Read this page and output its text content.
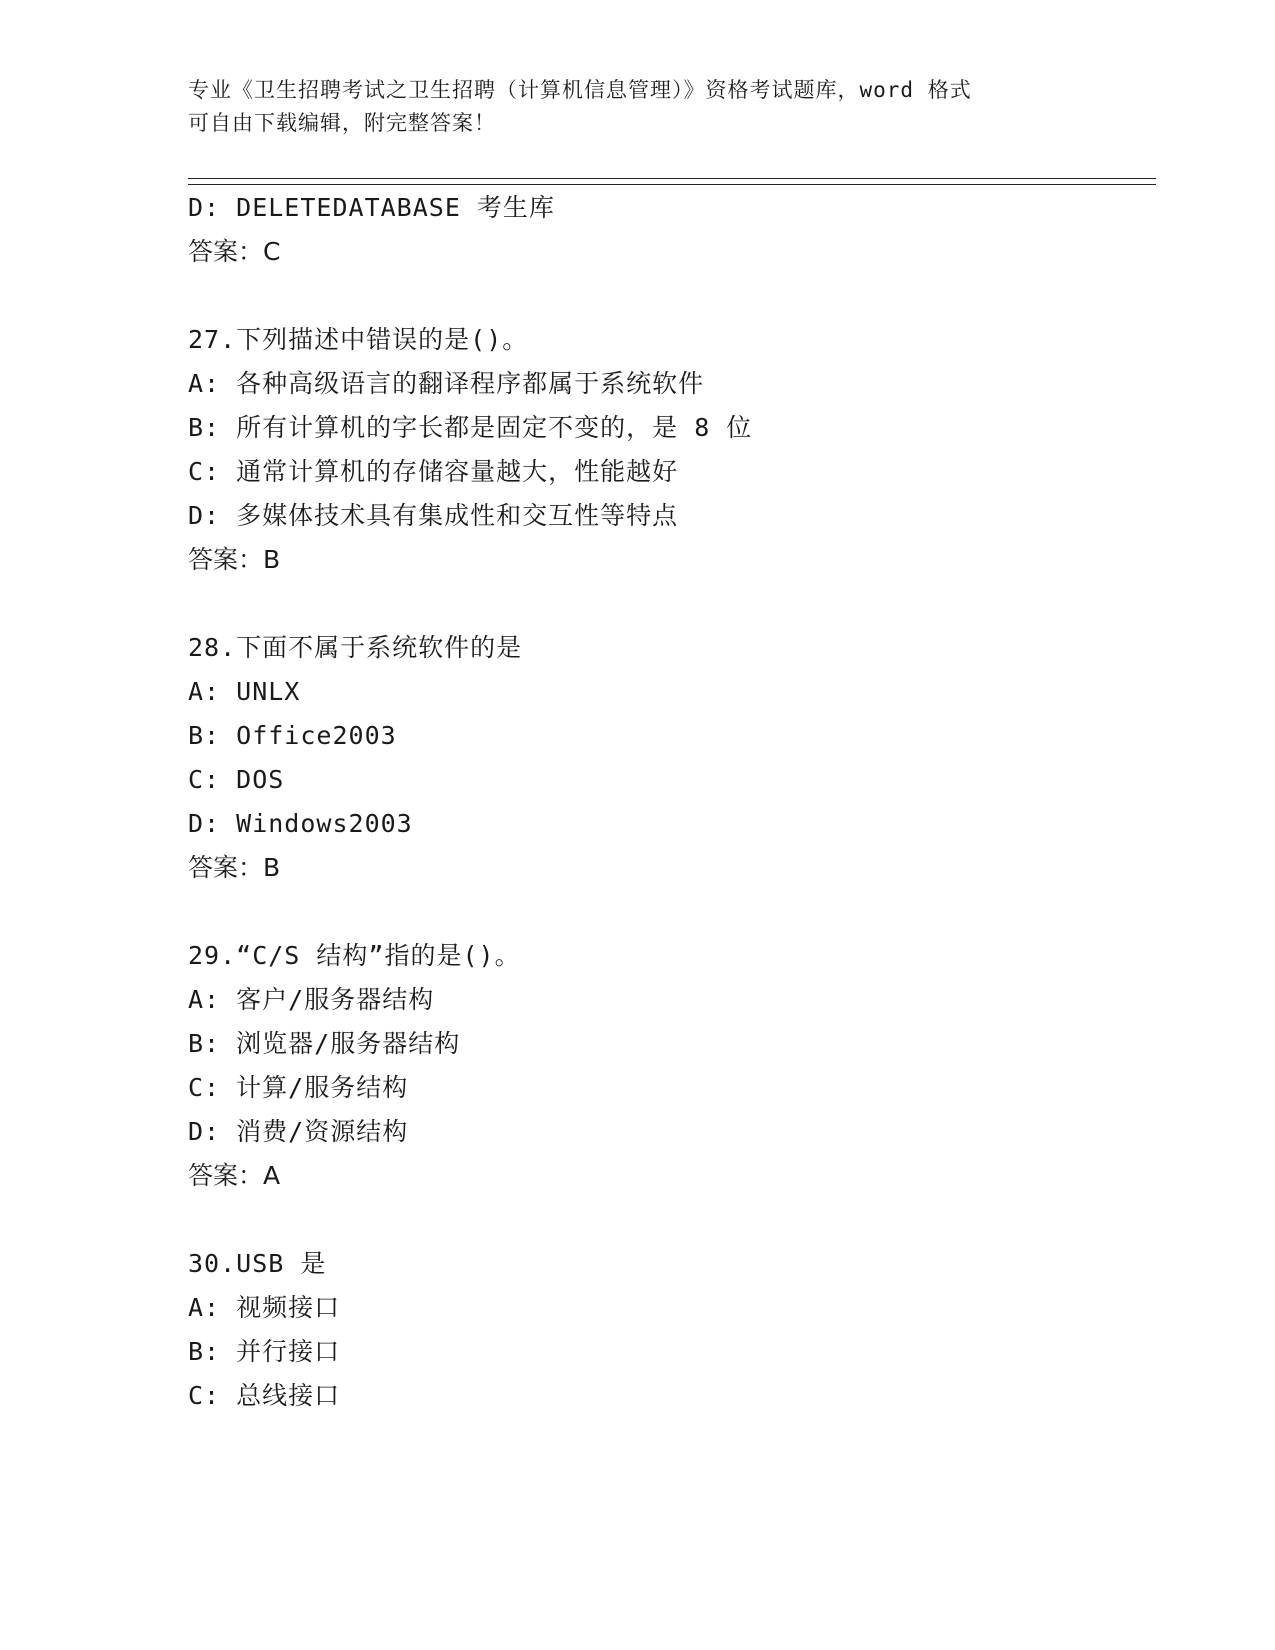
专业《卫生招聘考试之卫生招聘（计算机信息管理）》资格考试题库，word 格式
可自由下载编辑，附完整答案！
D: DELETEDATABASE 考生库
答案：C
27.下列描述中错误的是()。
A: 各种高级语言的翻译程序都属于系统软件
B: 所有计算机的字长都是固定不变的，是 8 位
C: 通常计算机的存储容量越大，性能越好
D: 多媒体技术具有集成性和交互性等特点
答案：B
28.下面不属于系统软件的是
A: UNLX
B: Office2003
C: DOS
D: Windows2003
答案：B
29.“C/S 结构”指的是()。
A: 客户/服务器结构
B: 浏览器/服务器结构
C: 计算/服务结构
D: 消费/资源结构
答案：A
30.USB 是
A: 视频接口
B: 并行接口
C: 总线接口
